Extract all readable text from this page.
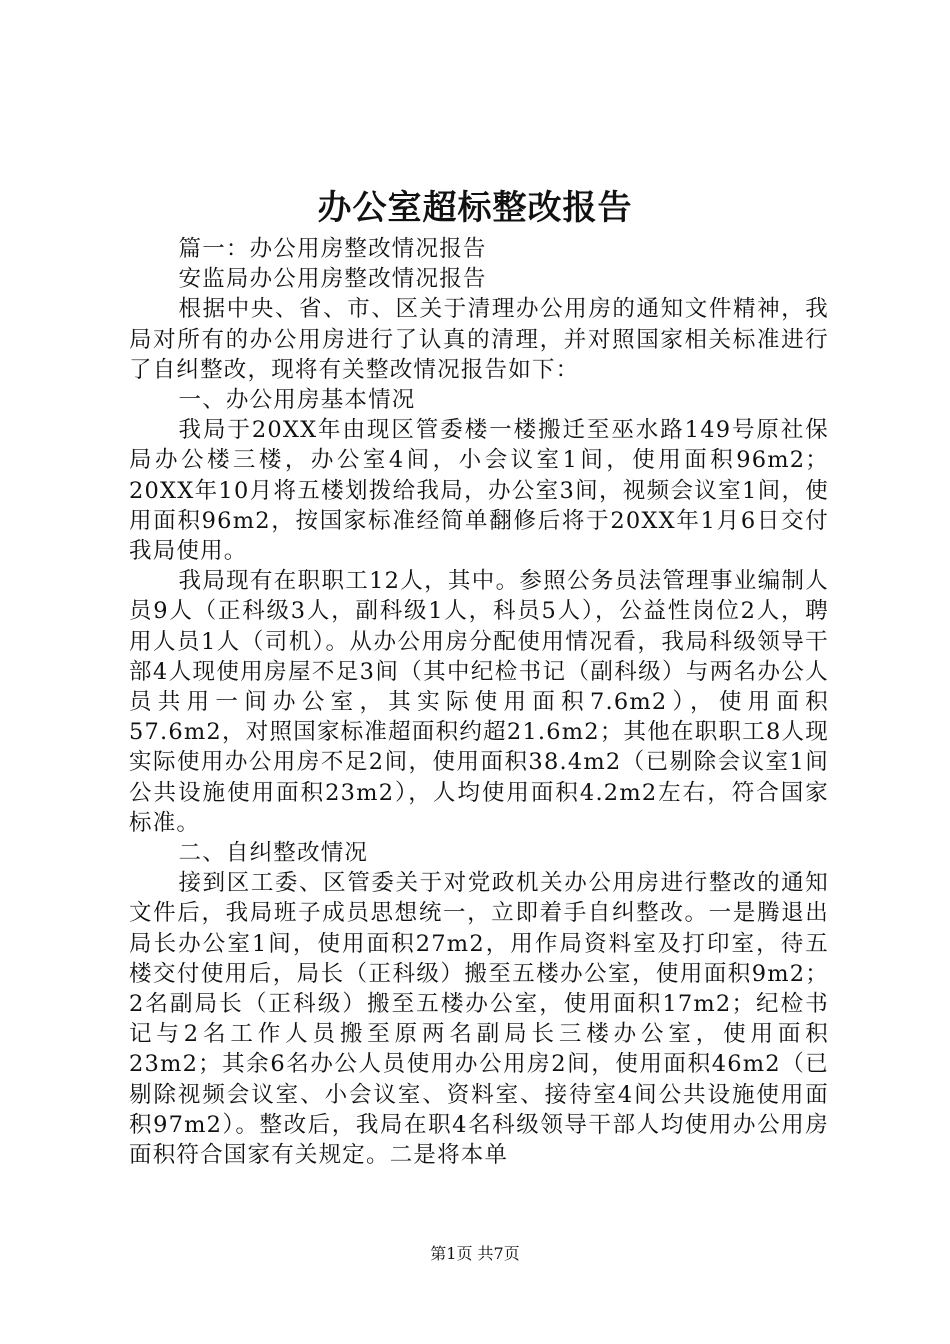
办公室超标整改报告

篇一：办公用房整改情况报告

安监局办公用房整改情况报告

根据中央、省、市、区关于清理办公用房的通知文件精神，我局对所有的办公用房进行了认真的清理，并对照国家相关标准进行了自纠整改，现将有关整改情况报告如下：

一、办公用房基本情况

我局于20XX年由现区管委楼一楼搬迁至巫水路149号原社保局办公楼三楼，办公室4间，小会议室1间，使用面积96m2；20XX年10月将五楼划拨给我局，办公室3间，视频会议室1间，使用面积96m2，按国家标准经简单翻修后将于20XX年1月6日交付我局使用。

我局现有在职职工12人，其中。参照公务员法管理事业编制人员9人（正科级3人，副科级1人，科员5人），公益性岗位2人，聘用人员1人（司机）。从办公用房分配使用情况看，我局科级领导干部4人现使用房屋不足3间（其中纪检书记（副科级）与两名办公人员共用一间办公室，其实际使用面积7.6m2），使用面积57.6m2，对照国家标准超面积约超21.6m2；其他在职职工8人现实际使用办公用房不足2间，使用面积38.4m2（已剔除会议室1间公共设施使用面积23m2），人均使用面积4.2m2左右，符合国家标准。

二、自纠整改情况

接到区工委、区管委关于对党政机关办公用房进行整改的通知文件后，我局班子成员思想统一，立即着手自纠整改。一是腾退出局长办公室1间，使用面积27m2，用作局资料室及打印室，待五楼交付使用后，局长（正科级）搬至五楼办公室，使用面积9m2；2名副局长（正科级）搬至五楼办公室，使用面积17m2；纪检书记与2名工作人员搬至原两名副局长三楼办公室，使用面积23m2；其余6名办公人员使用办公用房2间，使用面积46m2（已剔除视频会议室、小会议室、资料室、接待室4间公共设施使用面积97m2）。整改后，我局在职4名科级领导干部人均使用办公用房面积符合国家有关规定。二是将本单

第1页 共7页
